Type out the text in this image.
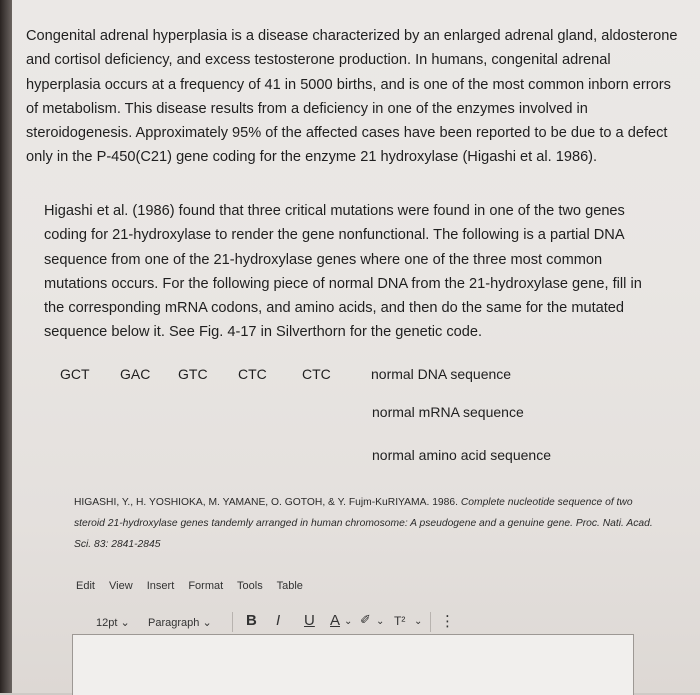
Congenital adrenal hyperplasia is a disease characterized by an enlarged adrenal gland, aldosterone and cortisol deficiency, and excess testosterone production. In humans, congenital adrenal hyperplasia occurs at a frequency of 41 in 5000 births, and is one of the most common inborn errors of metabolism. This disease results from a deficiency in one of the enzymes involved in steroidogenesis. Approximately 95% of the affected cases have been reported to be due to a defect only in the P-450(C21) gene coding for the enzyme 21 hydroxylase (Higashi et al. 1986).

Higashi et al. (1986) found that three critical mutations were found in one of the two genes coding for 21-hydroxylase to render the gene nonfunctional. The following is a partial DNA sequence from one of the 21-hydroxylase genes where one of the three most common mutations occurs. For the following piece of normal DNA from the 21-hydroxylase gene, fill in the corresponding mRNA codons, and amino acids, and then do the same for the mutated sequence below it. See Fig. 4-17 in Silverthorn for the genetic code.

GCT GAC GTC CTC	CTC	normal DNA sequence
normal mRNA sequence
normal amino acid sequence
HIGASHI, Y., H. YOSHIOKA, M. YAMANE, O. GOTOH, & Y. Fujm-KuRIYAMA. 1986. Complete nucleotide sequence of two steroid 21-hydroxylase genes tandemly arranged in human chromosome: A pseudogene and a genuine gene. Proc. Nati. Acad. Sci. 83: 2841-2845
Edit View Insert Format Tools Table
12pt ⌄ Paragraph ⌄ B I U A ⌄ ✐ ⌄ T² ⌄ ⋮
